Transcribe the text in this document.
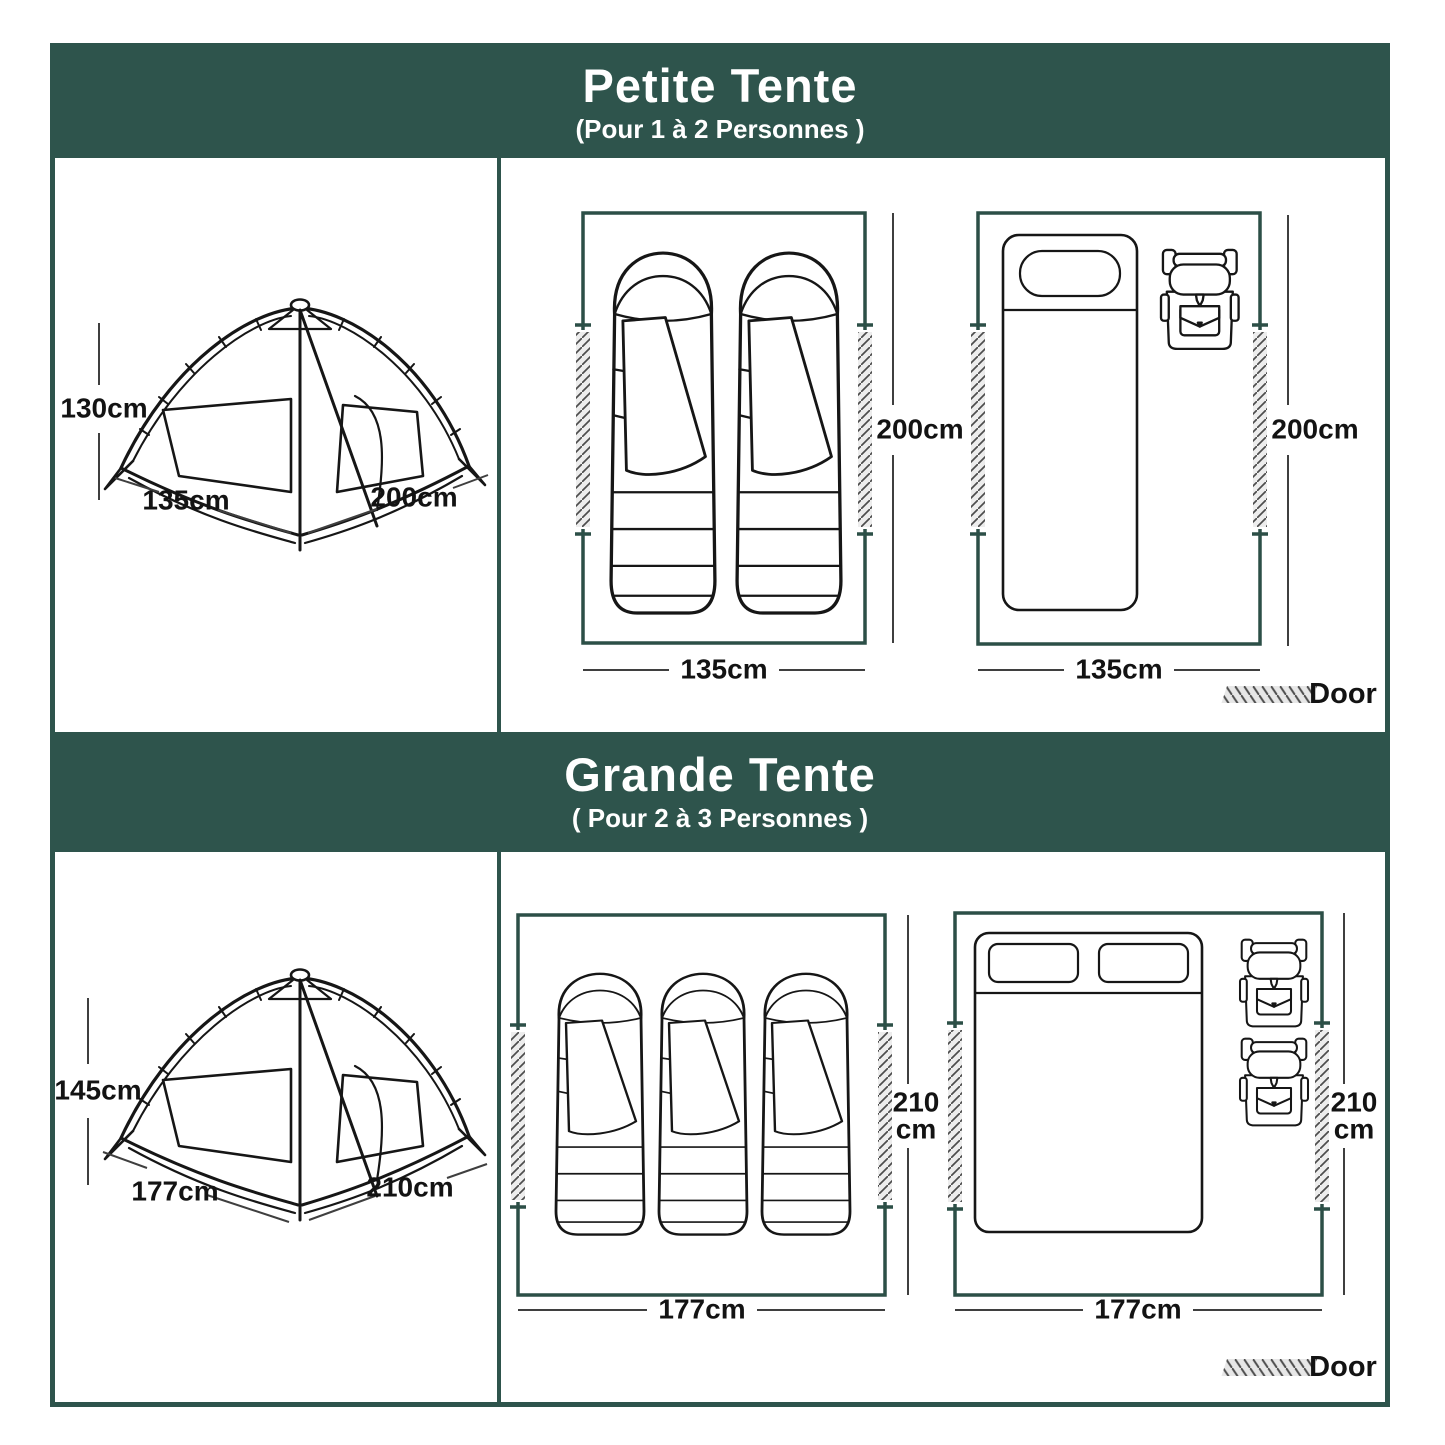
Petite Tente
(Pour 1 à 2 Personnes )
130cm
135cm	200cm
200cm	200cm
135cm	135cm
Door
Grande Tente
( Pour 2 à 3 Personnes )
145cm
177cm	210cm
210
cm
210
cm
177cm	177cm
Door
